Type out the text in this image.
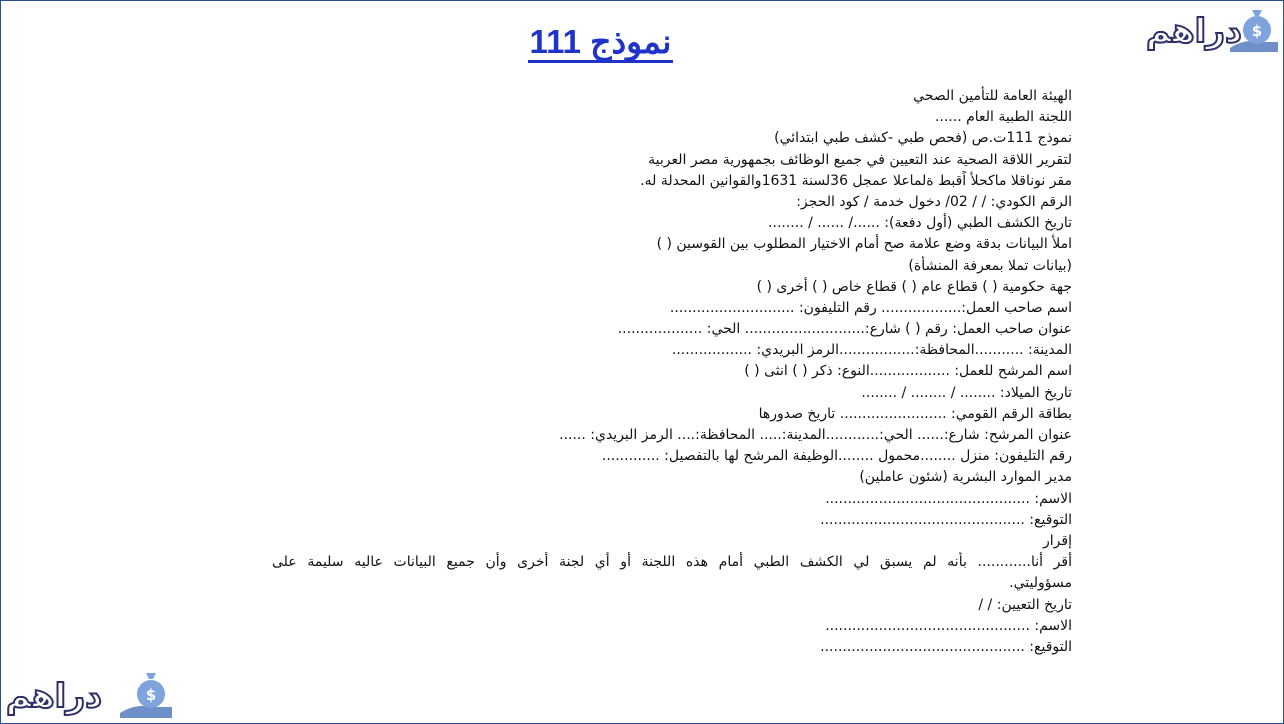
$
دراهم
$
دراهم
نموذج 111
الهيئة العامة للتأمين الصحي
اللجنة الطبية العام ......
نموذج 111ت.ص (فحص طبي -كشف طبي ابتدائي)
لتقرير اللاقة الصحية عند التعيين في جميع الوظائف بجمهورية مصر العربية
مقر نوناقلا ماكحلأ اًقبط ةلماعلا عمجل 36لسنة 1631والقوانين المحدلة له.
الرقم الكودي: / / 02/ دخول خدمة / كود الحجز:
تاريخ الكشف الطبي (أول دفعة): ....../ ...... / ........
املأ البيانات بدقة وضع علامة صح أمام الاختيار المطلوب بين القوسين ( )
(بيانات تملا بمعرفة المنشأة)
جهة حكومية ( ) قطاع عام ( ) قطاع خاص ( ) أخرى ( )
اسم صاحب العمل:.................. رقم التليفون: ............................
عنوان صاحب العمل: رقم ( ) شارع:........................... الحي: ...................
المدينة: ...........المحافظة:.................الرمز البريدي: ..................
اسم المرشح للعمل: ..................النوع: ذكر ( ) انثى ( )
تاريخ الميلاد: ........ / ........ / ........
بطاقة الرقم القومي: ........................ تاريخ صدورها
عنوان المرشح: شارع:...... الحي:............المدينة:..... المحافظة:.... الرمز البريدي: ......
رقم التليفون: منزل ........محمول ........الوظيفة المرشح لها بالتفصيل: .............
مدير الموارد البشرية (شئون عاملين)
الاسم: ..............................................
التوقيع: ..............................................
إقرار
أقر أنا............ بأنه لم يسبق لي الكشف الطبي أمام هذه اللجنة أو أي لجنة أخرى وأن جميع البيانات عاليه سليمة على
مسؤوليتي.
تاريخ التعيين: / /
الاسم: ..............................................
التوقيع: ..............................................
